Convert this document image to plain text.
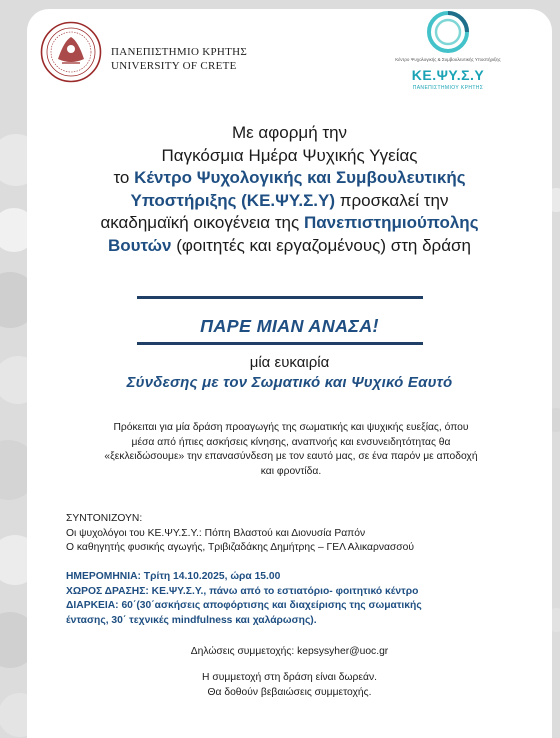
ΠΑΝΕΠΙΣΤΗΜΙΟ ΚΡΗΤΗΣ
UNIVERSITY OF CRETE
Κέντρο Ψυχολογικής & Συμβουλευτικής Υποστήριξης
ΚΕ.ΨΥ.Σ.Υ
ΠΑΝΕΠΙΣΤΗΜΙΟΥ ΚΡΗΤΗΣ
Με αφορμή την
Παγκόσμια Ημέρα Ψυχικής Υγείας
το Κέντρο Ψυχολογικής και Συμβουλευτικής
Υποστήριξης (ΚΕ.ΨΥ.Σ.Υ) προσκαλεί την
ακαδημαϊκή οικογένεια της Πανεπιστημιούπολης
Βουτών (φοιτητές και εργαζομένους) στη δράση
ΠΑΡΕ ΜΙΑΝ ΑΝΑΣΑ!
μία ευκαιρία
Σύνδεσης με τον Σωματικό και Ψυχικό Εαυτό
Πρόκειται για μία δράση προαγωγής της σωματικής και ψυχικής ευεξίας, όπου
μέσα από ήπιες ασκήσεις κίνησης, αναπνοής και ενσυνειδητότητας θα
«ξεκλειδώσουμε» την επανασύνδεση με τον εαυτό μας, σε ένα παρόν με αποδοχή
και φροντίδα.
ΣΥΝΤΟΝΙΖΟΥΝ:
Οι ψυχολόγοι του ΚΕ.ΨΥ.Σ.Υ.: Πόπη Βλαστού και Διονυσία Ραπόν
Ο καθηγητής φυσικής αγωγής, Τριβιζαδάκης Δημήτρης – ΓΕΛ Αλικαρνασσού
ΗΜΕΡΟΜΗΝΙΑ: Τρίτη 14.10.2025, ώρα 15.00
ΧΩΡΟΣ ΔΡΑΣΗΣ: ΚΕ.ΨΥ.Σ.Υ., πάνω από το εστιατόριο- φοιτητικό κέντρο
ΔΙΑΡΚΕΙΑ: 60΄(30΄ασκήσεις αποφόρτισης και διαχείρισης της σωματικής
έντασης, 30΄ τεχνικές mindfulness και χαλάρωσης).
Δηλώσεις συμμετοχής: kepsysyher@uoc.gr
Η συμμετοχή στη δράση είναι δωρεάν.
Θα δοθούν βεβαιώσεις συμμετοχής.
